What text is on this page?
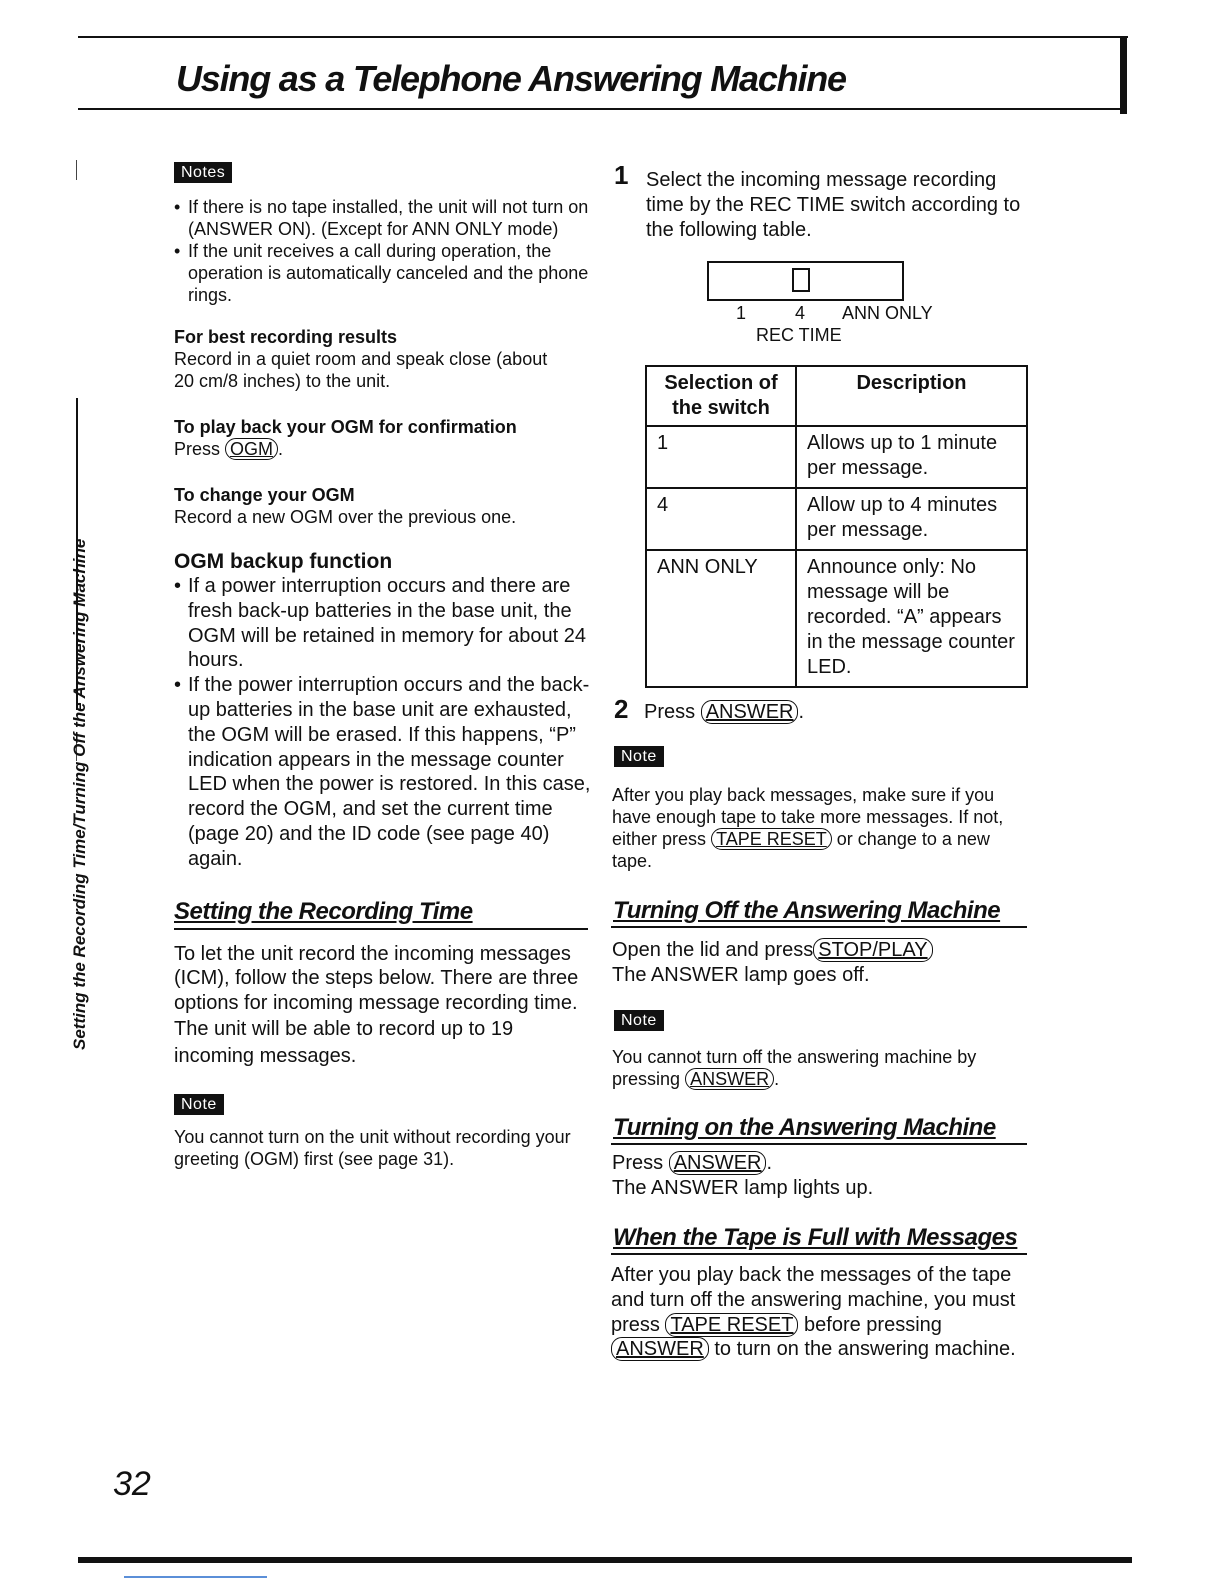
Using as a Telephone Answering Machine
Setting the Recording Time/Turning Off the Answering Machine
Notes
• If there is no tape installed, the unit will not turn on (ANSWER ON). (Except for ANN ONLY mode)
• If the unit receives a call during operation, the operation is automatically canceled and the phone rings.
For best recording results
Record in a quiet room and speak close (about 20 cm/8 inches) to the unit.
To play back your OGM for confirmation
Press OGM .
To change your OGM
Record a new OGM over the previous one.
OGM backup function
• If a power interruption occurs and there are fresh back-up batteries in the base unit, the OGM will be retained in memory for about 24 hours.
• If the power interruption occurs and the back-up batteries in the base unit are exhausted, the OGM will be erased. If this happens, “P” indication appears in the message counter LED when the power is restored. In this case, record the OGM, and set the current time (page 20) and the ID code (see page 40) again.
Setting the Recording Time
To let the unit record the incoming messages (ICM), follow the steps below. There are three options for incoming message recording time.
The unit will be able to record up to 19 incoming messages.
Note
You cannot turn on the unit without recording your greeting (OGM) first (see page 31).
1 Select the incoming message recording time by the REC TIME switch according to the following table.
1	4 ANN ONLY
REC TIME
Selection of the switch	Description
1	Allows up to 1 minute per message.
4	Allow up to 4 minutes per message.
ANN ONLY	Announce only: No message will be recorded. “A” appears in the message counter LED.
2 Press ANSWER .
Note
After you play back messages, make sure if you have enough tape to take more messages. If not, either press TAPE RESET or change to a new tape.
Turning Off the Answering Machine
Open the lid and press STOP/PLAY
The ANSWER lamp goes off.
Note
You cannot turn off the answering machine by pressing ANSWER .
Turning on the Answering Machine
Press ANSWER .
The ANSWER lamp lights up.
When the Tape is Full with Messages
After you play back the messages of the tape and turn off the answering machine, you must press TAPE RESET before pressing ANSWER to turn on the answering machine.
32
